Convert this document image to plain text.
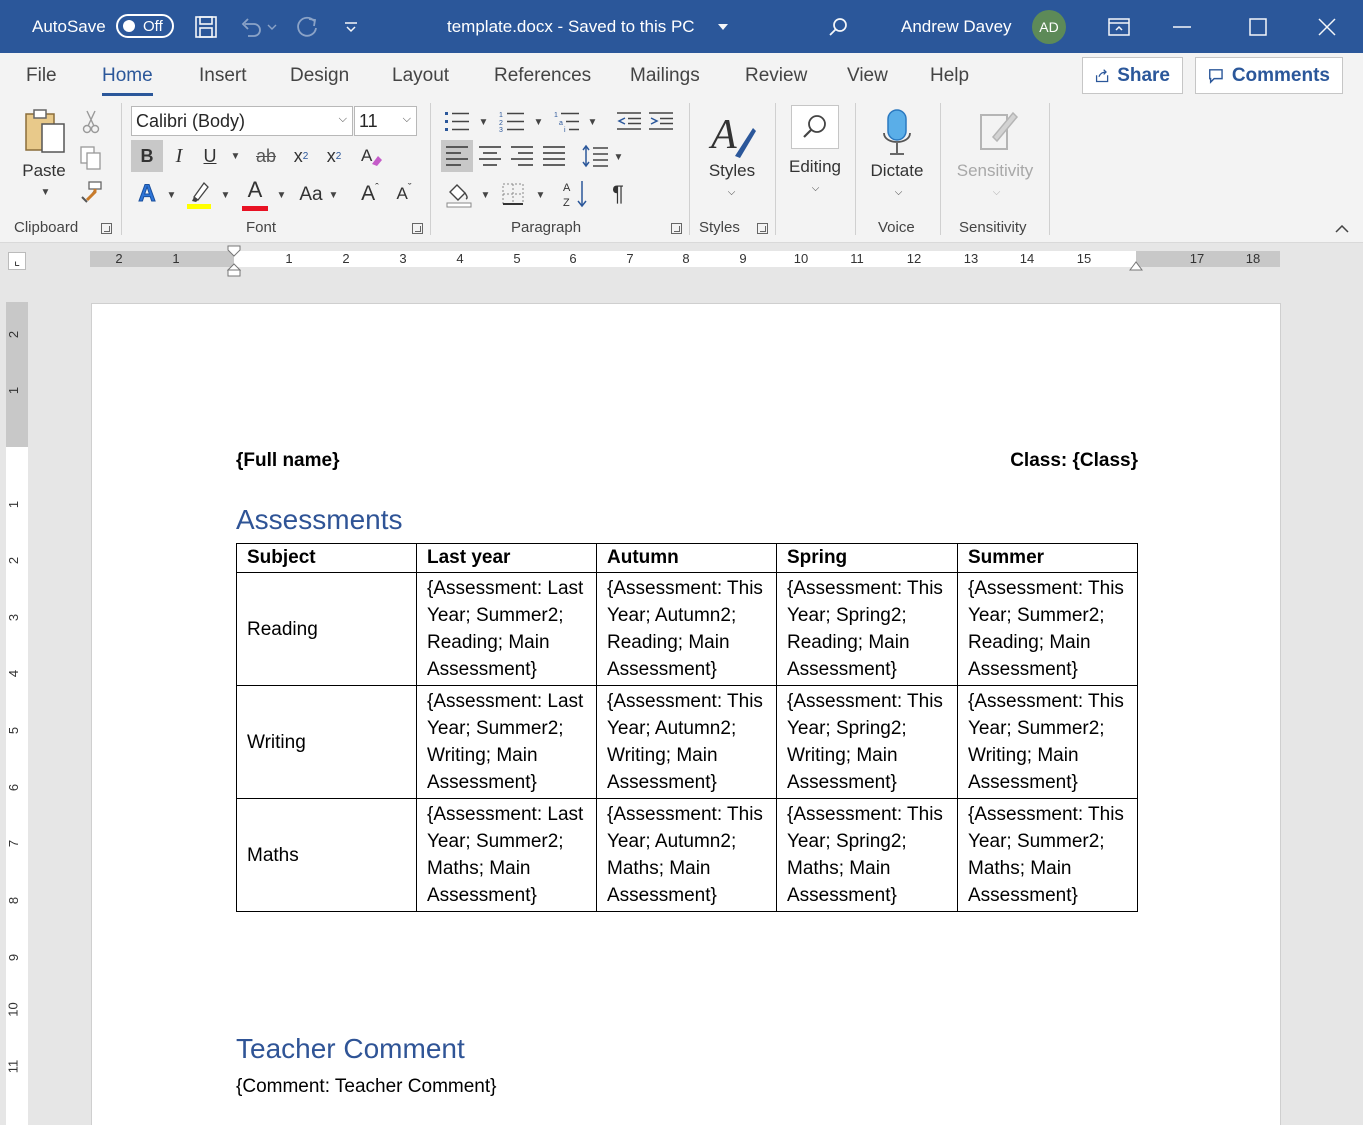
AutoSave Off	template.docx - Saved to this PC	Andrew Davey	AD
File Home Insert Design Layout References Mailings Review View Help	Share	Comments
Paste
▼
Clipboard
Calibri (Body)	⌵ 11 ⌵
B	I	U	▼ ab x 2 x 2 A
A ▼	▼ A ▼ Aa ▼ A ˆ A ˇ
Font
▼
1
2
3
▼
1
a
i
▼
▼
▼	▼
A
Z	¶
Paragraph
A
Styles
⌵
Styles
Editing
⌵
Dictate
⌵
Voice
Sensitivity
⌵
Sensitivity
⌞	2	1	1	2	3	4	5	6	7	8	9	10	11	12	13	14	15	17	18
2
1
1
2
3
4
5
6
7
8
9
10
11
{Full name}	Class: {Class}
Assessments
Subject	Last year	Autumn	Spring	Summer
Reading	{Assessment: Last Year; Summer2; Reading; Main Assessment}	{Assessment: This Year; Autumn2; Reading; Main Assessment}	{Assessment: This Year; Spring2; Reading; Main Assessment}	{Assessment: This Year; Summer2; Reading; Main Assessment}
Writing	{Assessment: Last Year; Summer2; Writing; Main Assessment}	{Assessment: This Year; Autumn2; Writing; Main Assessment}	{Assessment: This Year; Spring2; Writing; Main Assessment}	{Assessment: This Year; Summer2; Writing; Main Assessment}
Maths	{Assessment: Last Year; Summer2; Maths; Main Assessment}	{Assessment: This Year; Autumn2; Maths; Main Assessment}	{Assessment: This Year; Spring2; Maths; Main Assessment}	{Assessment: This Year; Summer2; Maths; Main Assessment}
Teacher Comment
{Comment: Teacher Comment}
